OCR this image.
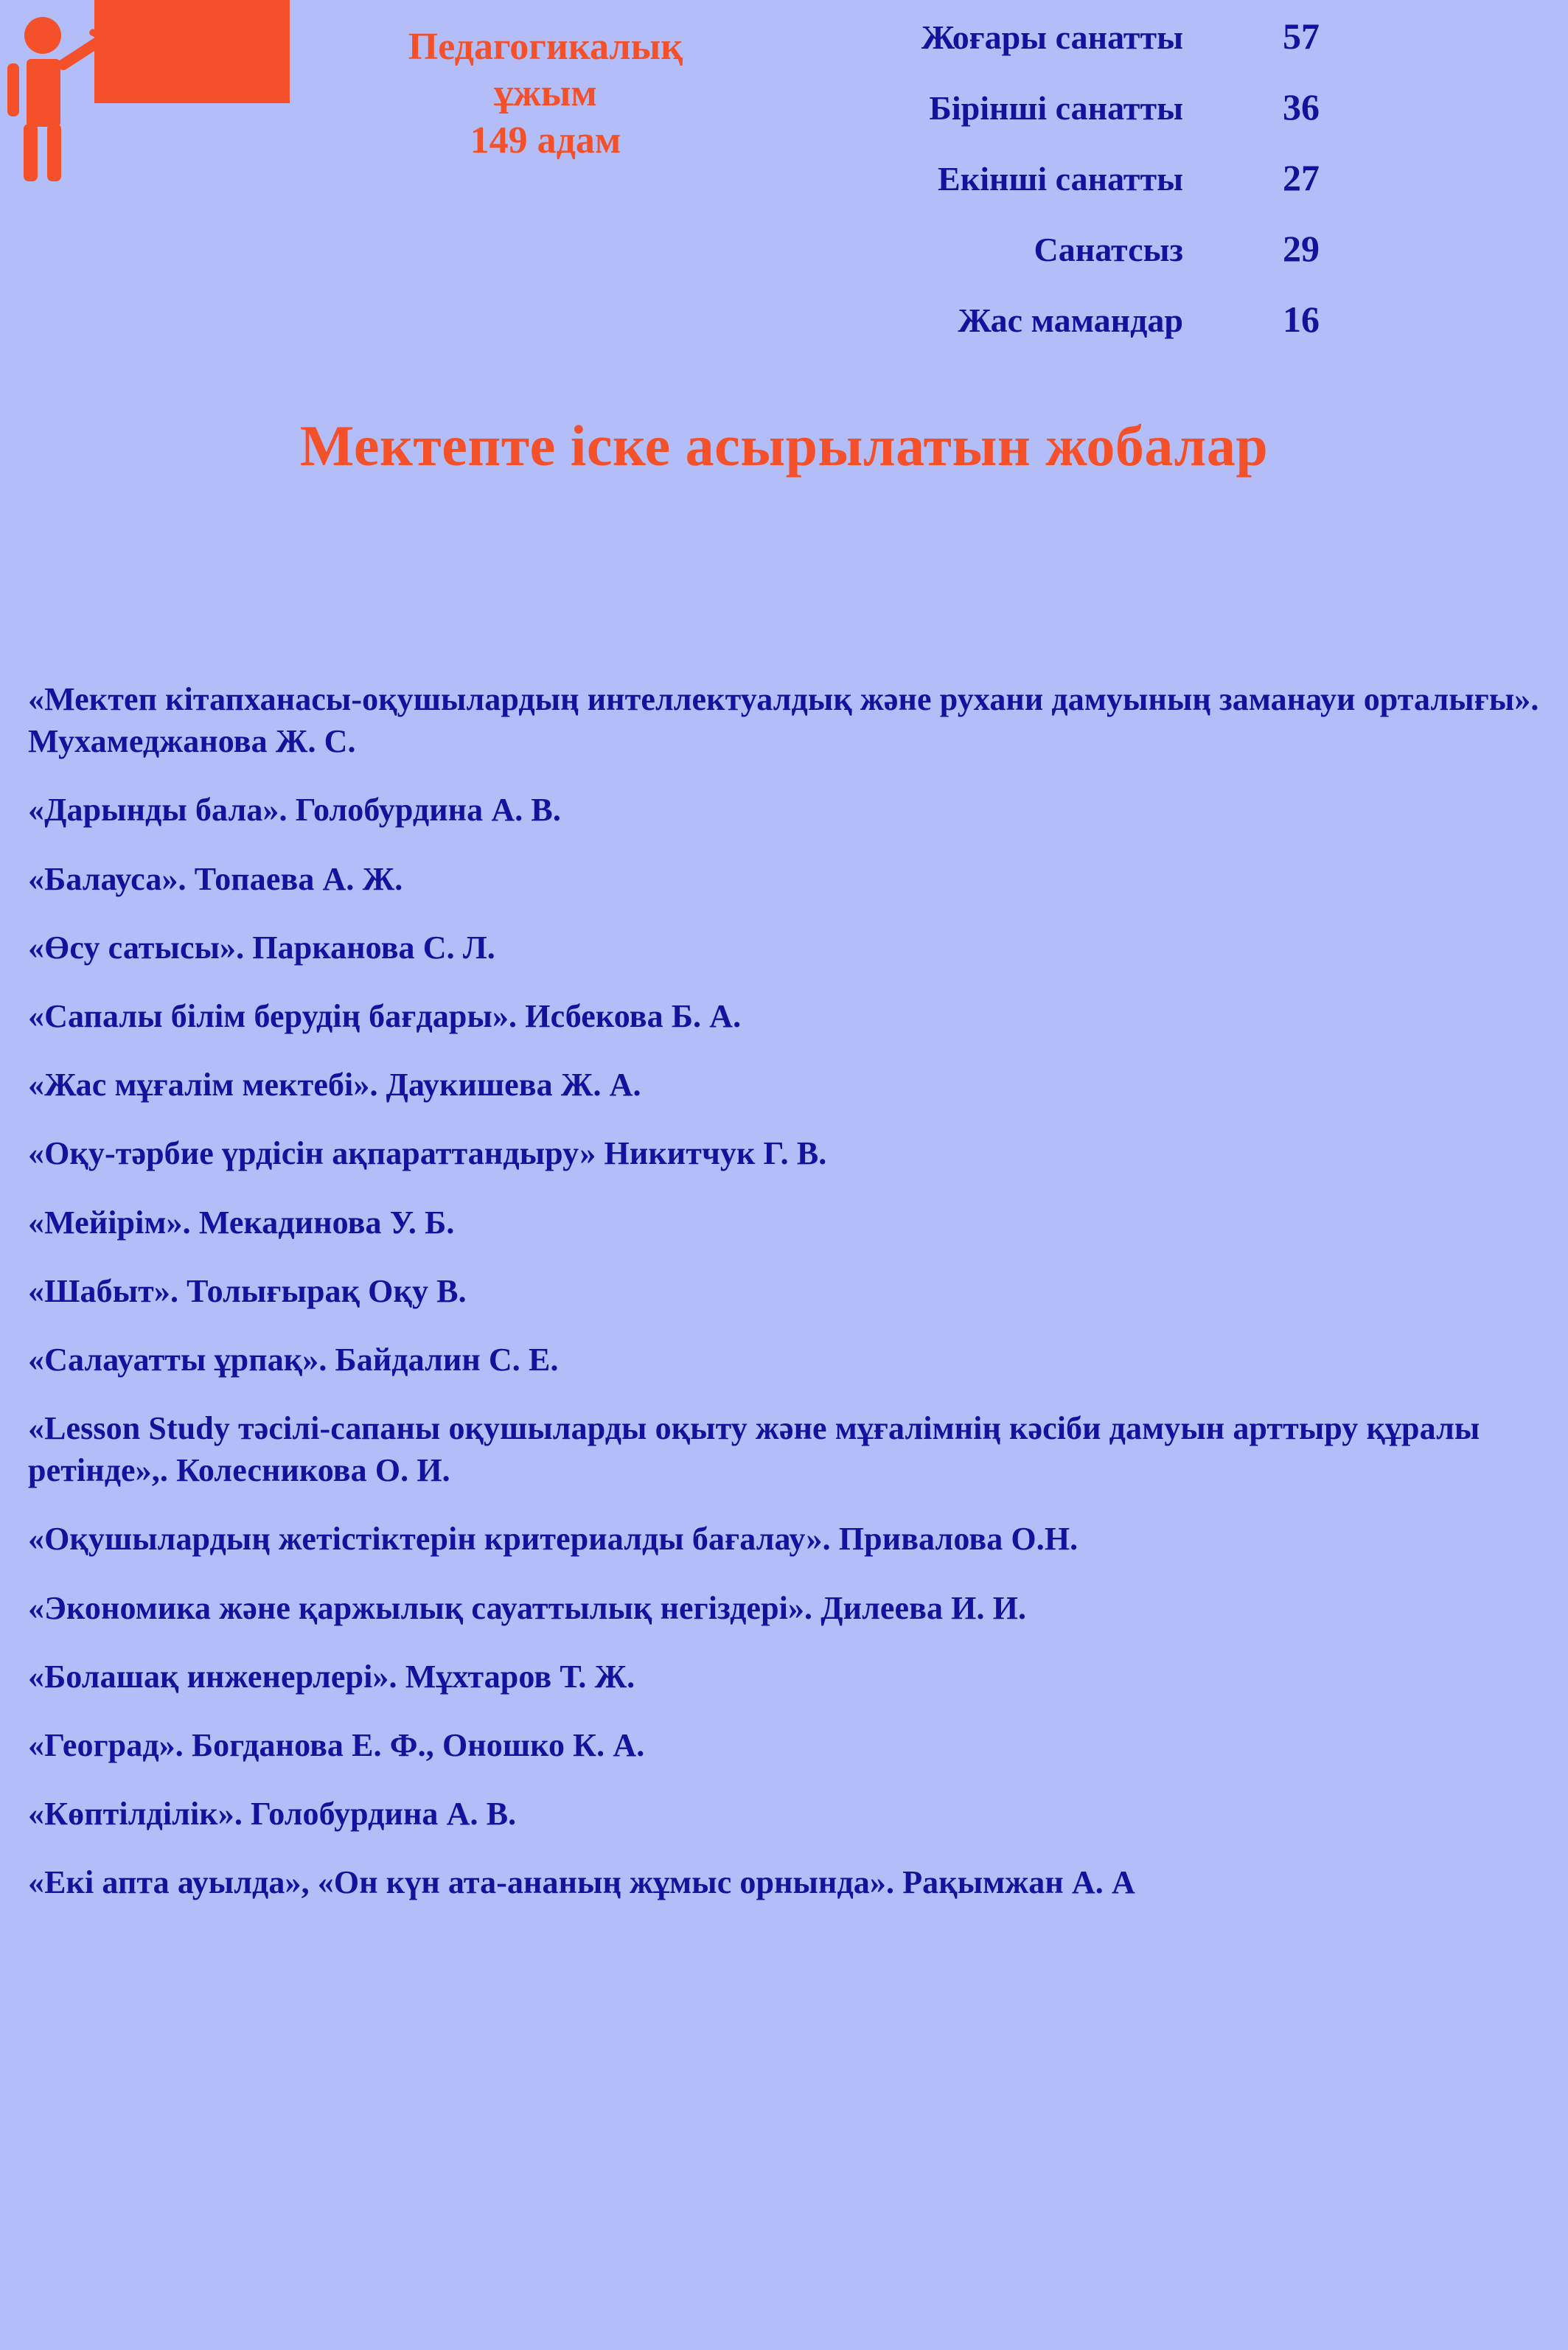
Педагогикалық
ұжым
149 адам
Жоғары санатты	57
Бірінші санатты	36
Екінші санатты	27
Санатсыз	29
Жас мамандар	16
Мектепте іске асырылатын жобалар
«Мектеп кітапханасы-оқушылардың интеллектуалдық және рухани дамуының заманауи орталығы». Мухамеджанова Ж. С.
«Дарынды бала». Голобурдина А. В.
«Балауса». Топаева А. Ж.
«Өсу сатысы». Парканова С. Л.
«Сапалы білім берудің бағдары». Исбекова Б. А.
«Жас мұғалім мектебі». Даукишева Ж. А.
«Оқу-тәрбие үрдісін ақпараттандыру» Никитчук Г. В.
«Мейірім». Мекадинова У. Б.
«Шабыт». Толығырақ Оқу В.
«Салауатты ұрпақ». Байдалин С. Е.
«Lesson Study тәсілі-сапаны оқушыларды оқыту және мұғалімнің кәсіби дамуын арттыру құралы ретінде»,. Колесникова О. И.
«Оқушылардың жетістіктерін критериалды бағалау». Привалова О.Н.
«Экономика және қаржылық сауаттылық негіздері». Дилеева И. И.
«Болашақ инженерлері». Мұхтаров Т. Ж.
«Геоград». Богданова Е. Ф., Оношко К. А.
«Көптілділік». Голобурдина А. В.
«Екі апта ауылда», «Он күн ата-ананың жұмыс орнында». Рақымжан А. А
